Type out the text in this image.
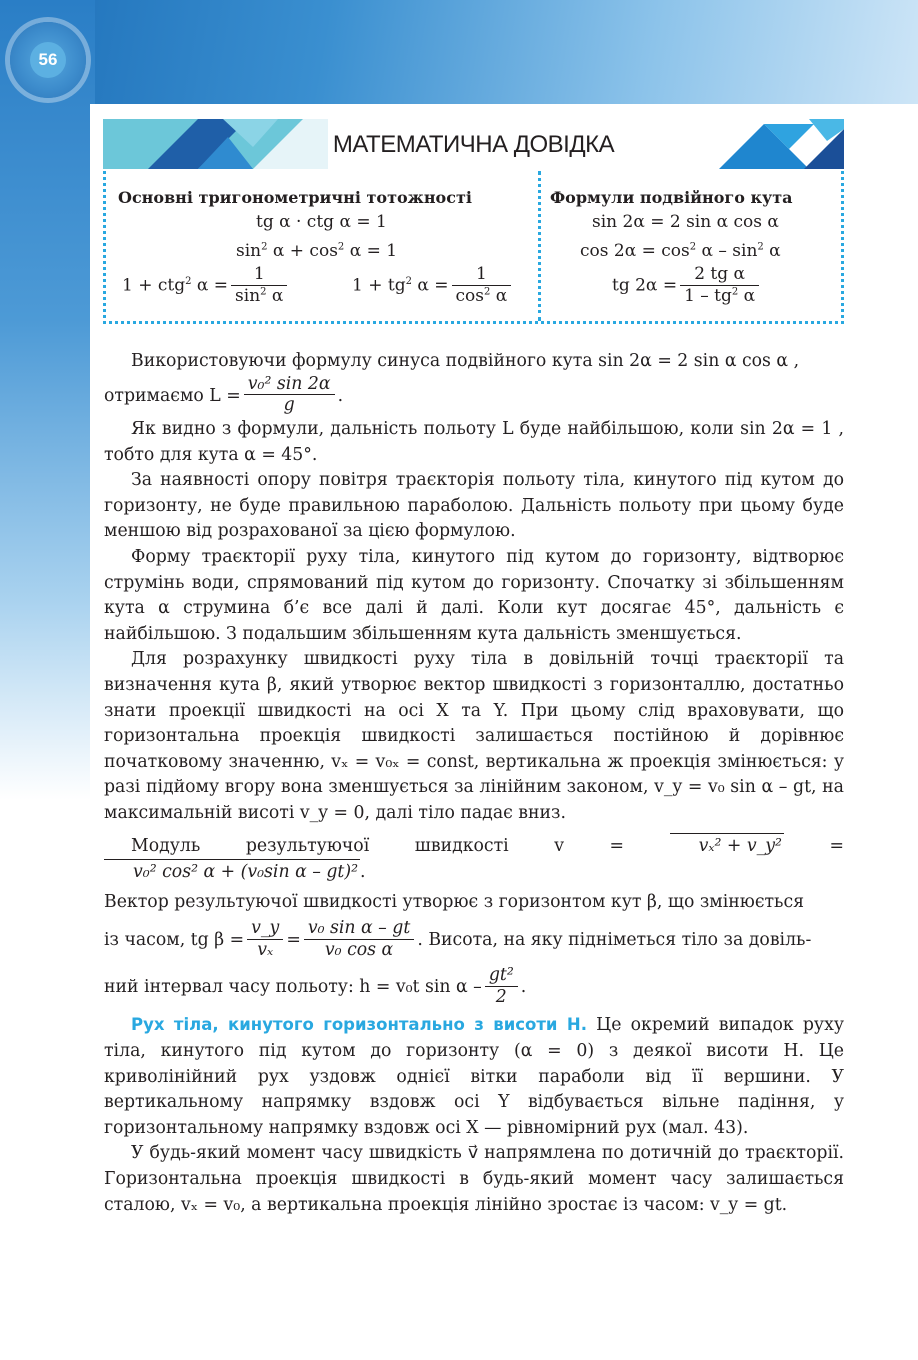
56
МАТЕМАТИЧНА ДОВІДКА
Основні тригонометричні тотожності
tg α · ctg α = 1
$\sin^2 \alpha + \cos^2 \alpha = 1$
1 + ctg$^2$ $\alpha = \frac{1}{\sin^2 \alpha}$	$1 + tg^2$ $\alpha = \frac{1}{\cos^2 \alpha}$
Формули подвійного кута
sin 2α = 2 sin α cos α
$\cos 2\alpha = \cos^2 \alpha - \sin^2 \alpha$
tg $2\alpha = \frac{\text{2 tg α}}{1 - tg^2 \alpha}$

Використовуючи формулу синуса подвійного кута sin 2α = 2 sin α cos α ,

отримаємо $L = \frac{\text{v₀² sin 2α}}{g}$ .

Як видно з формули, дальність польоту L буде найбільшою, коли sin 2α = 1 , тобто для кута α = 45°.

За наявності опору повітря траєкторія польоту тіла, кинутого під кутом до горизонту, не буде правильною параболою. Дальність польоту при цьому буде меншою від розрахованої за цією формулою.

Форму траєкторії руху тіла, кинутого під кутом до горизонту, відтворює струмінь води, спрямований під кутом до горизонту. Спочатку зі збільшенням кута α струмина б’є все далі й далі. Коли кут досягає 45°, дальність є найбільшою. З подальшим збільшенням кута дальність зменшується.

Для розрахунку швидкості руху тіла в довільній точці траєкторії та визначення кута β, який утворює вектор швидкості з горизонталлю, достатньо знати проекції швидкості на осі X та Y. При цьому слід враховувати, що горизонтальна проекція швидкості залишається постійною й дорівнює початковому значенню, vₓ = v₀ₓ = const, вертикальна ж проекція змінюється: у разі підйому вгору вона зменшується за лінійним законом, v_y = v₀ sin α – gt, на максимальній висоті v_y = 0, далі тіло падає вниз.

Модуль результуючої швидкості v =	vₓ² + v_y²	= v₀² cos² α + (v₀sin α – gt)² .

Вектор результуючої швидкості утворює з горизонтом кут β, що змінюється

із часом, tg $\beta = \frac{v\_y}{\text{vₓ}} = \frac{\text{v₀ sin α – gt}}{\text{v₀ cos α}}$ . Висота, на яку підніметься тіло за довіль-

ний інтервал часу польоту: h = v₀t sin α – $\frac{\text{gt²}}{2}$ .

Рух тіла, кинутого горизонтально з висоти H. Це окремий випадок руху тіла, кинутого під кутом до горизонту (α = 0) з деякої висоти H. Це криволінійний рух уздовж однієї вітки параболи від її вершини. У вертикальному напрямку вздовж осі Y відбувається вільне падіння, у горизонтальному напрямку вздовж осі X — рівномірний рух (мал. 43).

У будь-який момент часу швидкість v⃗ напрямлена по дотичній до траєкторії. Горизонтальна проекція швидкості в будь-який момент часу залишається сталою, vₓ = v₀, а вертикальна проекція лінійно зростає із часом: v_y = gt.
